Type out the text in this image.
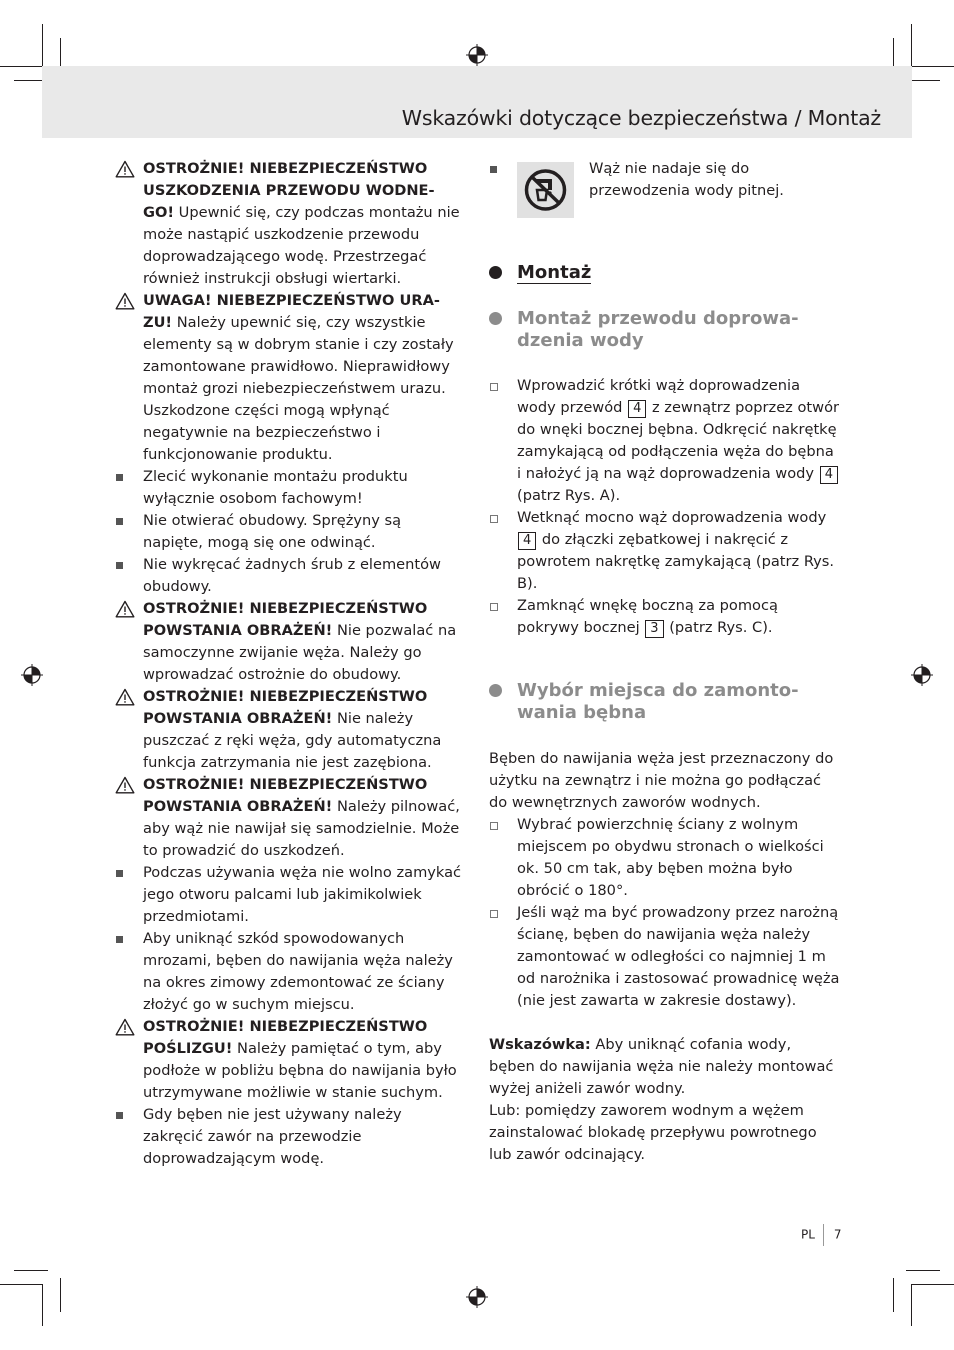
Wskazówki dotyczące bezpieczeństwa / Montaż
OSTROŻNIE! NIEBEZPIECZEŃSTWO USZKODZENIA PRZEWODU WODNE-GO! Upewnić się, czy podczas montażu nie może nastąpić uszkodzenie przewodu doprowadzającego wodę. Przestrzegać również instrukcji obsługi wiertarki.
UWAGA! NIEBEZPIECZEŃSTWO URA-ZU! Należy upewnić się, czy wszystkie elementy są w dobrym stanie i czy zostały zamontowane prawidłowo. Nieprawidłowy montaż grozi niebezpieczeństwem urazu. Uszkodzone części mogą wpłynąć negatywnie na bezpieczeństwo i funkcjonowanie produktu.
Zlecić wykonanie montażu produktu wyłącznie osobom fachowym!
Nie otwierać obudowy. Sprężyny są napięte, mogą się one odwinąć.
Nie wykręcać żadnych śrub z elementów obudowy.
OSTROŻNIE! NIEBEZPIECZEŃSTWO POWSTANIA OBRAŻEŃ! Nie pozwalać na samoczynne zwijanie węża. Należy go wprowadzać ostrożnie do obudowy.
OSTROŻNIE! NIEBEZPIECZEŃSTWO POWSTANIA OBRAŻEŃ! Nie należy puszczać z ręki węża, gdy automatyczna funkcja zatrzymania nie jest zazębiona.
OSTROŻNIE! NIEBEZPIECZEŃSTWO POWSTANIA OBRAŻEŃ! Należy pilnować, aby wąż nie nawijał się samodzielnie. Może to prowadzić do uszkodzeń.
Podczas używania węża nie wolno zamykać jego otworu palcami lub jakimikolwiek przedmiotami.
Aby uniknąć szkód spowodowanych mrozami, bęben do nawijania węża należy na okres zimowy zdemontować ze ściany złożyć go w suchym miejscu.
OSTROŻNIE! NIEBEZPIECZEŃSTWO POŚLIZGU! Należy pamiętać o tym, aby podłoże w pobliżu bębna do nawijania było utrzymywane możliwie w stanie suchym.
Gdy bęben nie jest używany należy zakręcić zawór na przewodzie doprowadzającym wodę.
Wąż nie nadaje się do przewodzenia wody pitnej.
Montaż
Montaż przewodu doprowa-dzenia wody
Wprowadzić krótki wąż doprowadzenia wody przewód 4 z zewnątrz poprzez otwór do wnęki bocznej bębna. Odkręcić nakrętkę zamykającą od podłączenia węża do bębna i nałożyć ją na wąż doprowadzenia wody 4 (patrz Rys. A).
Wetknąć mocno wąż doprowadzenia wody 4 do złączki zębatkowej i nakręcić z powrotem nakrętkę zamykającą (patrz Rys. B).
Zamknąć wnękę boczną za pomocą pokrywy bocznej 3 (patrz Rys. C).
Wybór miejsca do zamonto-wania bębna
Bęben do nawijania węża jest przeznaczony do użytku na zewnątrz i nie można go podłączać do wewnętrznych zaworów wodnych.
Wybrać powierzchnię ściany z wolnym miejscem po obydwu stronach o wielkości ok. 50 cm tak, aby bęben można było obrócić o 180°.
Jeśli wąż ma być prowadzony przez narożną ścianę, bęben do nawijania węża należy zamontować w odległości co najmniej 1 m od narożnika i zastosować prowadnicę węża (nie jest zawarta w zakresie dostawy).
Wskazówka: Aby uniknąć cofania wody, bęben do nawijania węża nie należy montować wyżej aniżeli zawór wodny.
Lub: pomiędzy zaworem wodnym a wężem zainstalować blokadę przepływu powrotnego lub zawór odcinający.
PL 7
